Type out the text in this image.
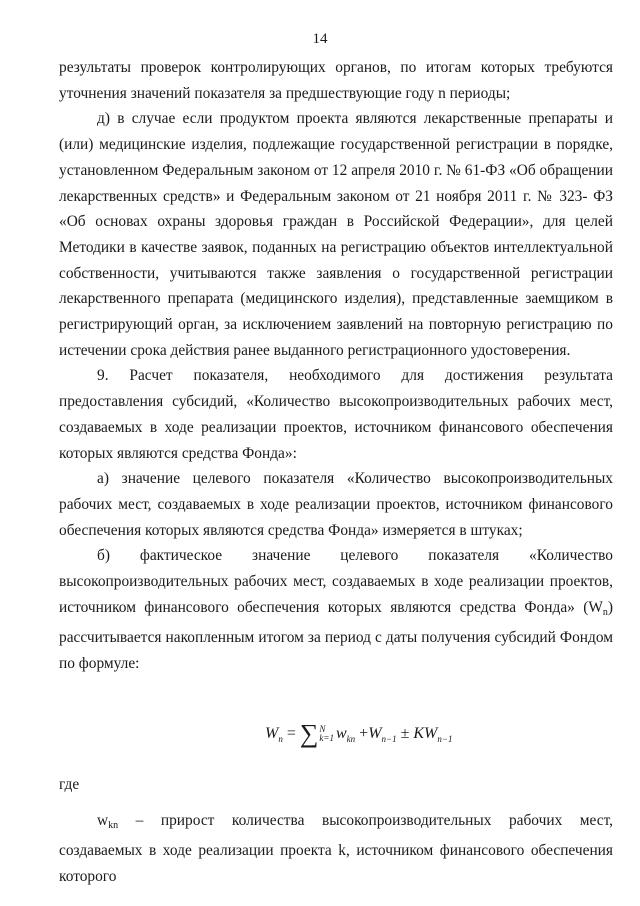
14

результаты проверок контролирующих органов, по итогам которых требуются уточнения значений показателя за предшествующие году n периоды;

д) в случае если продуктом проекта являются лекарственные препараты и (или) медицинские изделия, подлежащие государственной регистрации в порядке, установленном Федеральным законом от 12 апреля 2010 г. № 61-ФЗ «Об обращении лекарственных средств» и Федеральным законом от 21 ноября 2011 г. № 323- ФЗ «Об основах охраны здоровья граждан в Российской Федерации», для целей Методики в качестве заявок, поданных на регистрацию объектов интеллектуальной собственности, учитываются также заявления о государственной регистрации лекарственного препарата (медицинского изделия), представленные заемщиком в регистрирующий орган, за исключением заявлений на повторную регистрацию по истечении срока действия ранее выданного регистрационного удостоверения.

9. Расчет показателя, необходимого для достижения результата предоставления субсидий, «Количество высокопроизводительных рабочих мест, создаваемых в ходе реализации проектов, источником финансового обеспечения которых являются средства Фонда»:

а) значение целевого показателя «Количество высокопроизводительных рабочих мест, создаваемых в ходе реализации проектов, источником финансового обеспечения которых являются средства Фонда» измеряется в штуках;

б) фактическое значение целевого показателя «Количество высокопроизводительных рабочих мест, создаваемых в ходе реализации проектов, источником финансового обеспечения которых являются средства Фонда» $(W_n)$ рассчитывается накопленным итогом за период с даты получения субсидий Фондом по формуле:

$W_n$ = ∑ N
k=1 $w_{kn} +W_{n-1} \pm KW_{n-1}$

где

$w_{kn}$ – прирост количества высокопроизводительных рабочих мест, создаваемых в ходе реализации проекта k, источником финансового обеспечения которого
